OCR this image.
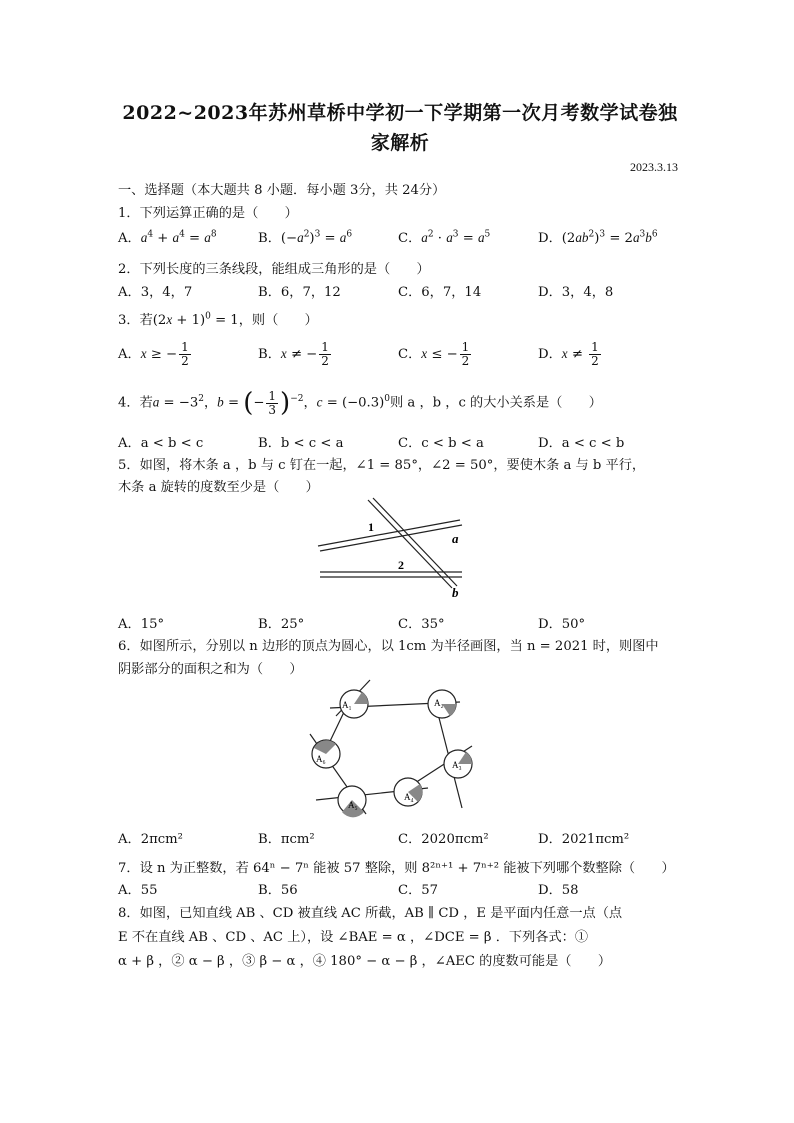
2022~2023年苏州草桥中学初一下学期第一次月考数学试卷独
家解析
2023.3.13
一、选择题（本大题共 8 小题．每小题 3分，共 24分）
1．下列运算正确的是（　　）
A．$a^4 + a^4 = a^8$	B．$(-a^2)^3 = a^6$	C．$a^2 \cdot a^3 = a^5$	D．$(2ab^2)^3 = 2a^3b^6$
2．下列长度的三条线段，能组成三角形的是（　　）
A．3，4，7	B．6，7，12	C．6，7，14	D．3，4，8
3．若$(2x + 1)^0 = 1$，则（　　）
A．x ≥ − $\frac{1}{2}$	B．x ≠ − $\frac{1}{2}$	C．x ≤ − $\frac{1}{2}$	D．$x \ne \frac{1}{2}$
4．若$a = -3^2$，b = (− $\frac{1}{3} )^{-2}$，$c = (-0.3)^0$则 a ，b ，c 的大小关系是（　　）
A．a < b < c	B．b < c < a	C．c < b < a	D．a < c < b
5．如图，将木条 a ，b 与 c 钉在一起，∠1 = 85°，∠2 = 50°，要使木条 a 与 b 平行，
木条 a 旋转的度数至少是（　　）
1
2
a
b
A．15°	B．25°	C．35°	D．50°
6．如图所示，分别以 n 边形的顶点为圆心，以 1cm 为半径画图，当 n = 2021 时，则图中
阴影部分的面积之和为（　　）
A₁	A₂
A₃
A₄
A₅
A₆
A．2πcm²	B．πcm²	C．2020πcm²	D．2021πcm²
7．设 n 为正整数，若 64ⁿ − 7ⁿ 能被 57 整除，则 8²ⁿ⁺¹ + 7ⁿ⁺² 能被下列哪个数整除（　　）
A．55	B．56	C．57	D．58
8．如图，已知直线 AB 、CD 被直线 AC 所截，AB ∥ CD ，E 是平面内任意一点（点
E 不在直线 AB 、CD 、AC 上），设 ∠BAE = α ，∠DCE = β ．下列各式：①
α + β ，② α − β ，③ β − α ，④ 180° − α − β ，∠AEC 的度数可能是（　　）
